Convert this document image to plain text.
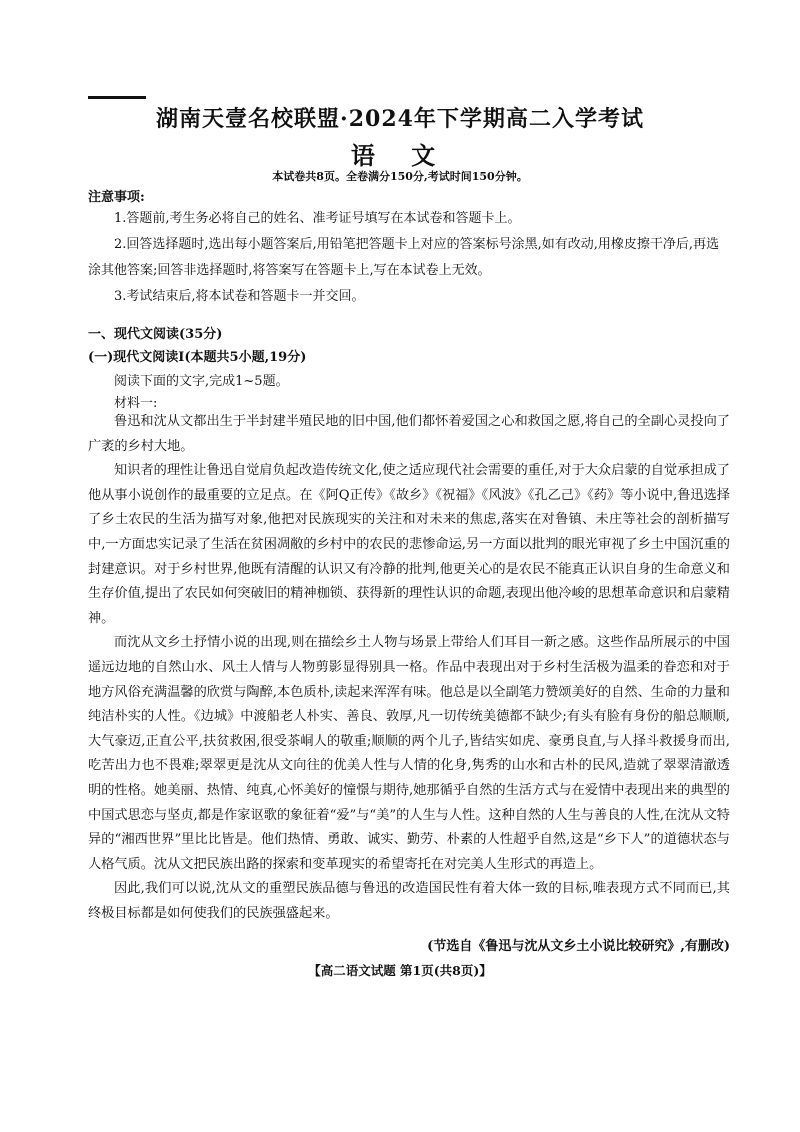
湖南天壹名校联盟·2024年下学期高二入学考试
语 文
本试卷共8页。全卷满分150分,考试时间150分钟。
注意事项:
1.答题前,考生务必将自己的姓名、准考证号填写在本试卷和答题卡上。
2.回答选择题时,选出每小题答案后,用铅笔把答题卡上对应的答案标号涂黑,如有改动,用橡皮擦干净后,再选涂其他答案;回答非选择题时,将答案写在答题卡上,写在本试卷上无效。
3.考试结束后,将本试卷和答题卡一并交回。
一、现代文阅读(35分)
(一)现代文阅读Ⅰ(本题共5小题,19分)
阅读下面的文字,完成1~5题。
材料一:

鲁迅和沈从文都出生于半封建半殖民地的旧中国,他们都怀着爱国之心和救国之愿,将自己的全副心灵投向了广袤的乡村大地。

知识者的理性让鲁迅自觉肩负起改造传统文化,使之适应现代社会需要的重任,对于大众启蒙的自觉承担成了他从事小说创作的最重要的立足点。在《阿Q正传》《故乡》《祝福》《风波》《孔乙己》《药》等小说中,鲁迅选择了乡土农民的生活为描写对象,他把对民族现实的关注和对未来的焦虑,落实在对鲁镇、未庄等社会的剖析描写中,一方面忠实记录了生活在贫困凋敝的乡村中的农民的悲惨命运,另一方面以批判的眼光审视了乡土中国沉重的封建意识。对于乡村世界,他既有清醒的认识又有冷静的批判,他更关心的是农民不能真正认识自身的生命意义和生存价值,提出了农民如何突破旧的精神枷锁、获得新的理性认识的命题,表现出他冷峻的思想革命意识和启蒙精神。

而沈从文乡土抒情小说的出现,则在描绘乡土人物与场景上带给人们耳目一新之感。这些作品所展示的中国遥远边地的自然山水、风土人情与人物剪影显得别具一格。作品中表现出对于乡村生活极为温柔的眷恋和对于地方风俗充满温馨的欣赏与陶醉,本色质朴,读起来浑浑有味。他总是以全副笔力赞颂美好的自然、生命的力量和纯洁朴实的人性。《边城》中渡船老人朴实、善良、敦厚,凡一切传统美德都不缺少;有头有脸有身份的船总顺顺,大气豪迈,正直公平,扶贫救困,很受茶峒人的敬重;顺顺的两个儿子,皆结实如虎、豪勇良直,与人择斗救援身而出,吃苦出力也不畏难;翠翠更是沈从文向往的优美人性与人情的化身,隽秀的山水和古朴的民风,造就了翠翠清澈透明的性格。她美丽、热情、纯真,心怀美好的憧憬与期待,她那循乎自然的生活方式与在爱情中表现出来的典型的中国式思恋与坚贞,都是作家讴歌的象征着“爱”与“美”的人生与人性。这种自然的人生与善良的人性,在沈从文特异的“湘西世界”里比比皆是。他们热情、勇敢、诚实、勤劳、朴素的人性超乎自然,这是“乡下人”的道德状态与人格气质。沈从文把民族出路的探索和变革现实的希望寄托在对完美人生形式的再造上。

因此,我们可以说,沈从文的重塑民族品德与鲁迅的改造国民性有着大体一致的目标,唯表现方式不同而已,其终极目标都是如何使我们的民族强盛起来。

(节选自《鲁迅与沈从文乡土小说比较研究》,有删改)
【高二语文试题 第1页(共8页)】
